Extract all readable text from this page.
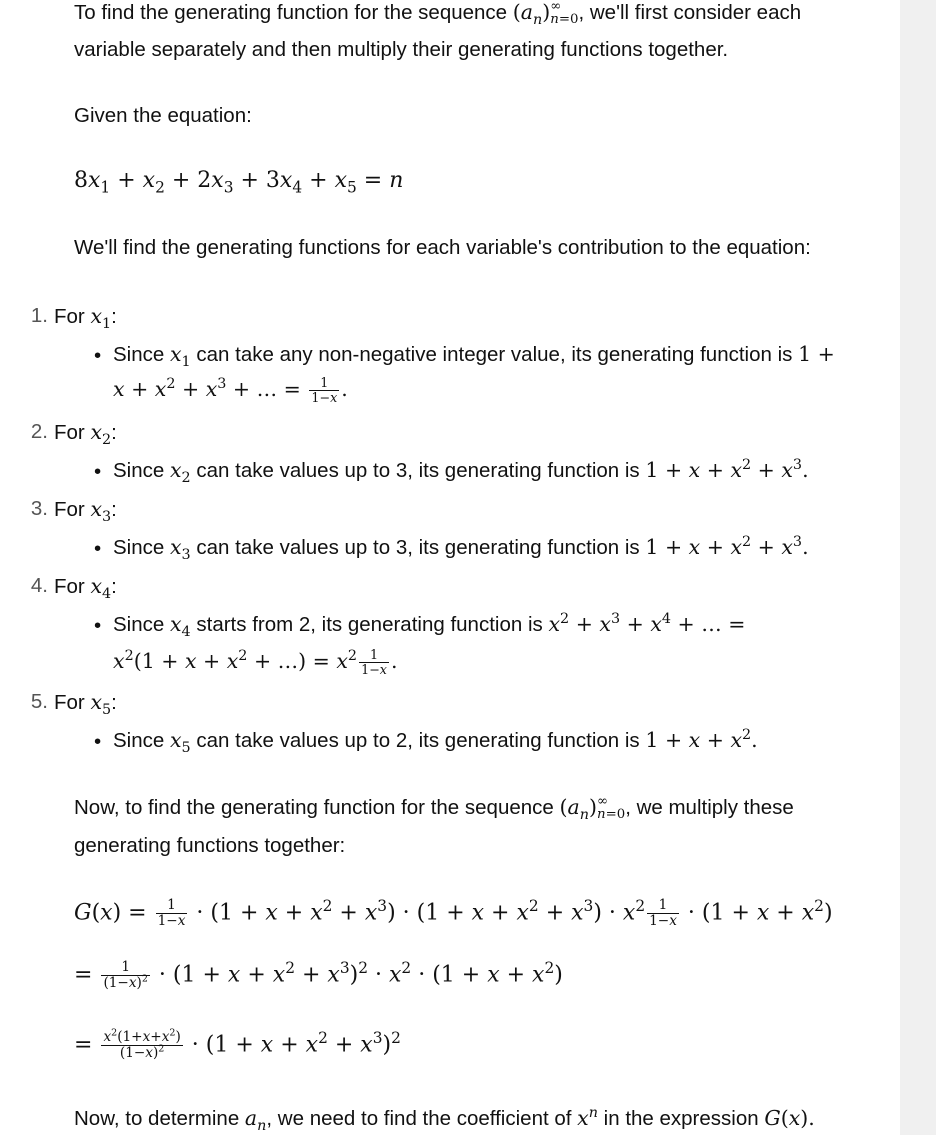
To find the generating function for the sequence $(a_n)$ ∞
n=0 , we'll first consider each
variable separately and then multiply their generating functions together.
Given the equation:
$8x_1 + x_2 + 2x_3 + 3x_4 + x_5 = n$
We'll find the generating functions for each variable's contribution to the equation:
1. For $x_1$:
• Since $x_1$ can take any non-negative integer value, its generating function is 1 +
$x + x^2 + x^3$ + … = $\frac{1}{1-x}$ .
2. For $x_2$:
• Since $x_2$ can take values up to 3, its generating function is $1 + x + x^2 + x^3$.
3. For $x_3$:
• Since $x_3$ can take values up to 3, its generating function is $1 + x + x^2 + x^3$.
4. For $x_4$:
• Since $x_4$ starts from 2, its generating function is $x^2 + x^3 + x^4$ + … =
$x^2(1 + x + x^2$ + …) = $x^2 \frac{1}{1-x}$ .
5. For $x_5$:
• Since $x_5$ can take values up to 2, its generating function is $1 + x + x^2$.
Now, to find the generating function for the sequence $(a_n)$ ∞
n=0 , we multiply these
generating functions together:
$G(x) = \frac{1}{1-x} \cdot (1 + x + x^2 + x^3) \cdot (1 + x + x^2 + x^3) \cdot x^2 \frac{1}{1-x} \cdot (1 + x + x^2)$
= $\frac{1}{(1-x)^2} \cdot (1 + x + x^2 + x^3)^2 \cdot x^2 \cdot (1 + x + x^2)$
= $\frac{x^2(1+x+x^2)}{(1-x)^2} \cdot (1 + x + x^2 + x^3)^2$
Now, to determine $a_n$, we need to find the coefficient of $x^n$ in the expression G(x).
